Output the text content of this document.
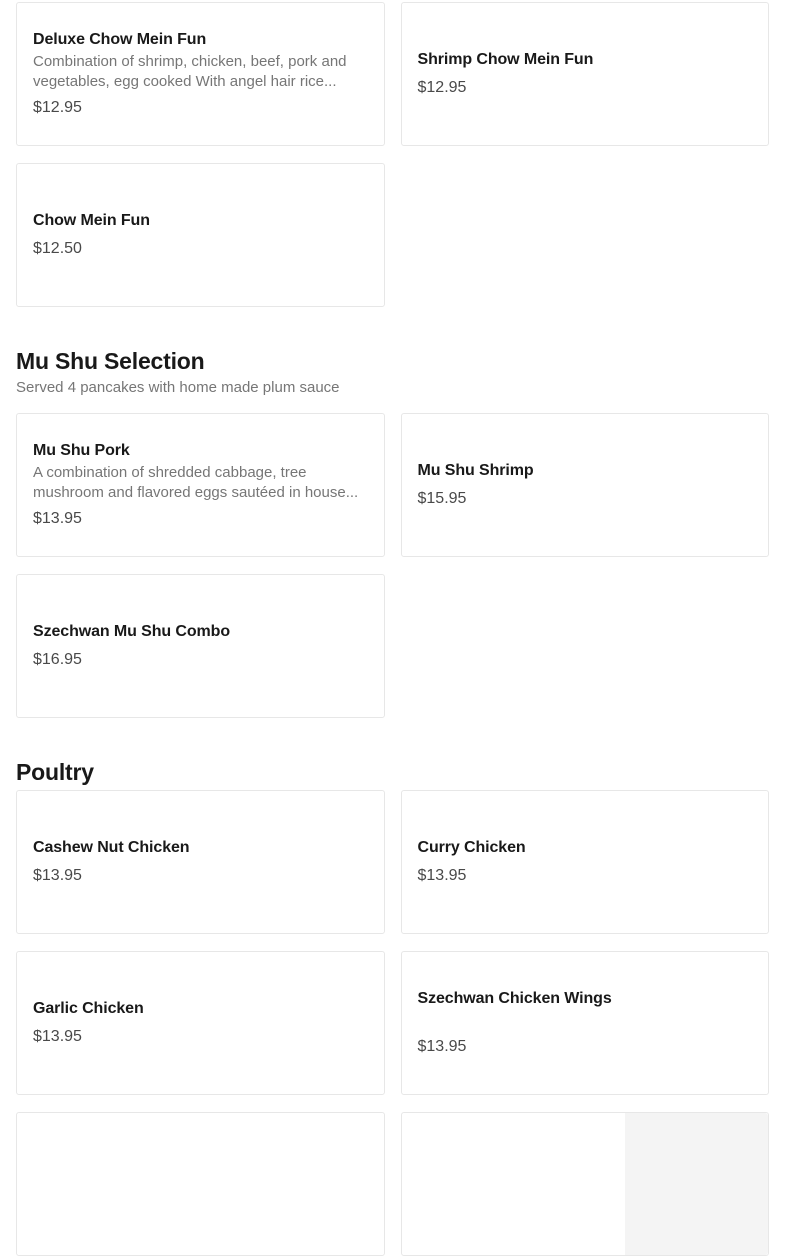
Deluxe Chow Mein Fun

Combination of shrimp, chicken, beef, pork and vegetables, egg cooked With angel hair rice...

$12.95
Shrimp Chow Mein Fun
$12.95
Chow Mein Fun
$12.50
Mu Shu Selection

Served 4 pancakes with home made plum sauce

Mu Shu Pork

A combination of shredded cabbage, tree mushroom and flavored eggs sautéed in house...

$13.95
Mu Shu Shrimp
$15.95
Szechwan Mu Shu Combo
$16.95
Poultry
Cashew Nut Chicken
$13.95
Curry Chicken
$13.95
Garlic Chicken
$13.95
Szechwan Chicken Wings

$13.95
